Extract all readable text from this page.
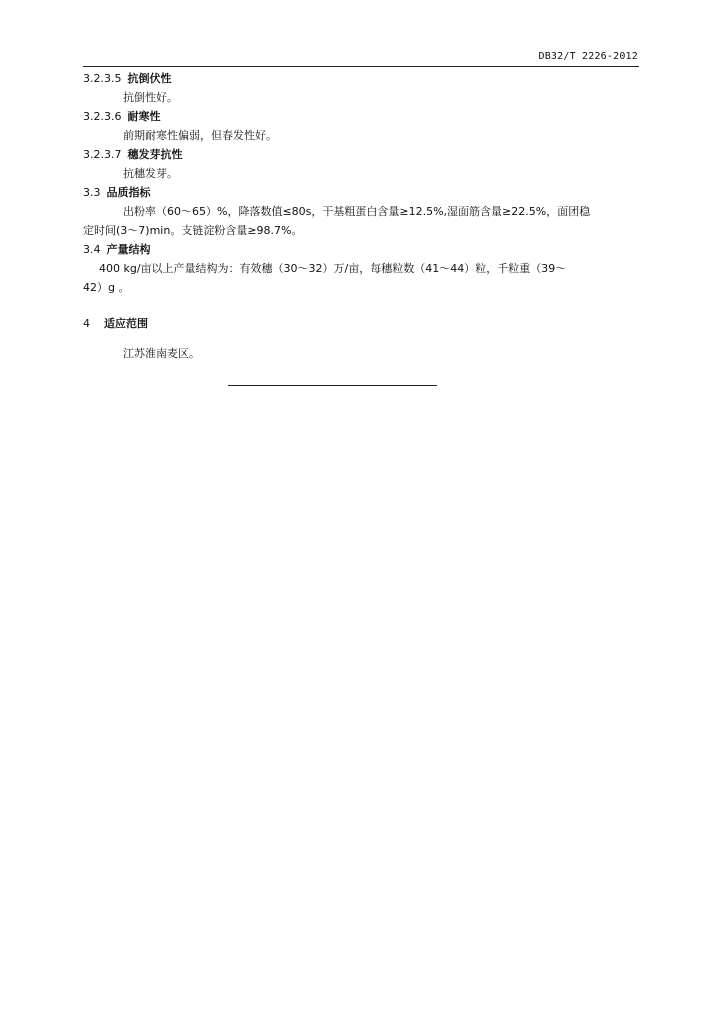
DB32/T 2226-2012
3.2.3.5 抗倒伏性
抗倒性好。
3.2.3.6 耐寒性
前期耐寒性偏弱，但春发性好。
3.2.3.7 穗发芽抗性
抗穗发芽。
3.3 品质指标
出粉率（60～65）%，降落数值≤80s，干基粗蛋白含量≥12.5%,湿面筋含量≥22.5%，面团稳
定时间(3～7)min。支链淀粉含量≥98.7%。
3.4 产量结构
400 kg/亩以上产量结构为：有效穗（30～32）万/亩，每穗粒数（41～44）粒，千粒重（39～
42）g 。
4 适应范围
江苏淮南麦区。
